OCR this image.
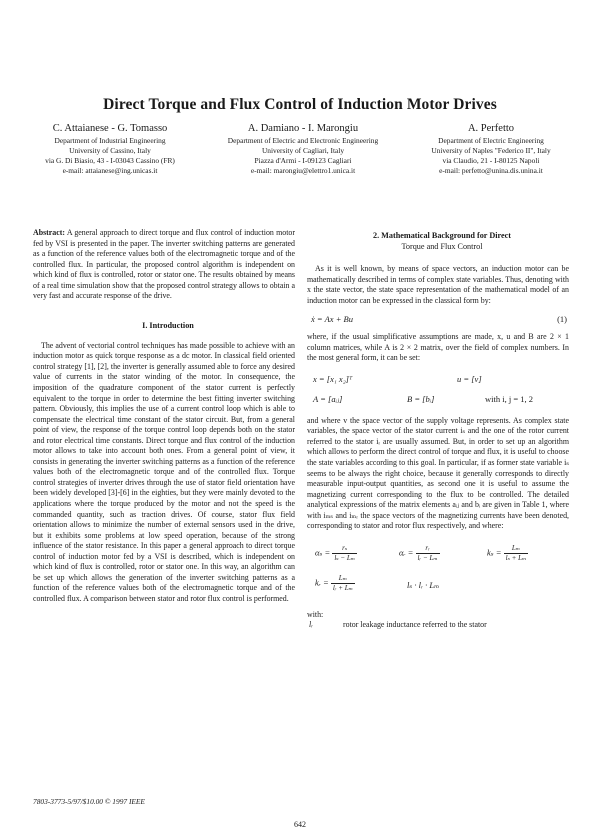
Direct Torque and Flux Control of Induction Motor Drives
C. Attaianese - G. Tomasso
Department of Industrial Engineering
University of Cassino, Italy
via G. Di Biasio, 43 - I-03043 Cassino (FR)
e-mail: attaianese@ing.unicas.it
A. Damiano - I. Marongiu
Department of Electric and Electronic Engineering
University of Cagliari, Italy
Piazza d'Armi - I-09123 Cagliari
e-mail: marongiu@elettro1.unica.it
A. Perfetto
Department of Electric Engineering
University of Naples "Federico II", Italy
via Claudio, 21 - I-80125 Napoli
e-mail: perfetto@unina.dis.unina.it

Abstract: A general approach to direct torque and flux control of induction motor fed by VSI is presented in the paper. The inverter switching patterns are generated as a function of the reference values both of the electromagnetic torque and of the controlled flux. In particular, the proposed control algorithm is independent on which kind of flux is controlled, rotor or stator one. The results obtained by means of a real time simulation show that the proposed control strategy allows to obtain a very fast and accurate response of the drive.

I. Introduction

The advent of vectorial control techniques has made possible to achieve with an induction motor as quick torque response as a dc motor. In classical field oriented control strategy [1], [2], the inverter is generally assumed able to force any desired value of currents in the stator winding of the motor. In consequence, the imposition of the quadrature component of the stator current is perfectly equivalent to the torque in order to determine the best fitting inverter switching pattern. Obviously, this implies the use of a current control loop which is able to compensate the electrical time constant of the stator circuit. But, from a general point of view, the response of the torque control loop depends both on the stator and rotor electrical time constants. Direct torque and flux control of the induction motor allows to take into account both ones. From a general point of view, it consists in generating the inverter switching patterns as a function of the reference values both of the electromagnetic torque and of the controlled flux. Torque control strategies of inverter drives through the use of stator field orientation have been widely developed [3]-[6] in the eighties, but they were mainly devoted to the applications where the torque produced by the motor and not the speed is the commanded quantity, such as traction drives. Of course, stator flux field orientation allows to minimize the number of external sensors used in the drive, but it exhibits some problems at low speed operation, because of the strong influence of the stator resistance. In this paper a general approach to direct torque control of induction motor fed by a VSI is described, which is independent on which kind of flux is controlled, rotor or stator one. In this way, an algorithm can be set up which allows the generation of the inverter switching patterns as a function of the reference values both of the electromagnetic torque and of the controlled flux. A comparison between stator and rotor flux control is performed.

2. Mathematical Background for Direct

Torque and Flux Control

As it is well known, by means of space vectors, an induction motor can be mathematically described in terms of complex state variables. Thus, denoting with x the state vector, the state space representation of the mathematical model of an induction motor can be expressed in the classical form by:

ẋ = Ax + Bu	(1)

where, if the usual simplificative assumptions are made, x, u and B are 2 × 1 column matrices, while A is 2 × 2 matrix, over the field of complex numbers. In the most general form, it can be set:

x = [x₁ x₂]ᵀ	u = [v]
A = [aᵢⱼ]	B = [bᵢ]	with i, j = 1, 2

and where v the space vector of the supply voltage represents. As complex state variables, the space vector of the stator current iₛ and the one of the rotor current referred to the stator iᵣ are usually assumed. But, in order to set up an algorithm which allows to perform the direct control of torque and flux, it is useful to choose the state variables according to this goal. In particular, if as former state variable iₛ seems to be always the right choice, because it generally corresponds to directly measurable input-output quantities, as second one it is useful to assume the magnetizing current corresponding to the flux to be controlled. The detailed analytical expressions of the matrix elements aᵢⱼ and bᵢ are given in Table 1, where with iₘₛ and iₘᵣ the space vectors of the magnetizing currents have been denoted, corresponding to stator and rotor flux respectively, and where:

$\alpha_s = \frac{\text{rₛ}}{\text{lₛ − Lₘ}}$	αᵣ = $\frac{\text{rᵣ}}{\text{lᵣ − Lₘ}}$	$k_s = \frac{\text{Lₘ}}{\text{lₛ + Lₘ}}$
kᵣ = $\frac{\text{Lₘ}}{\text{lᵣ + Lₘ}}$	lₛ · lᵣ · Lₘ
with:
lᵣ	rotor leakage inductance referred to the stator
7803-3773-5/97/$10.00 © 1997 IEEE
642
